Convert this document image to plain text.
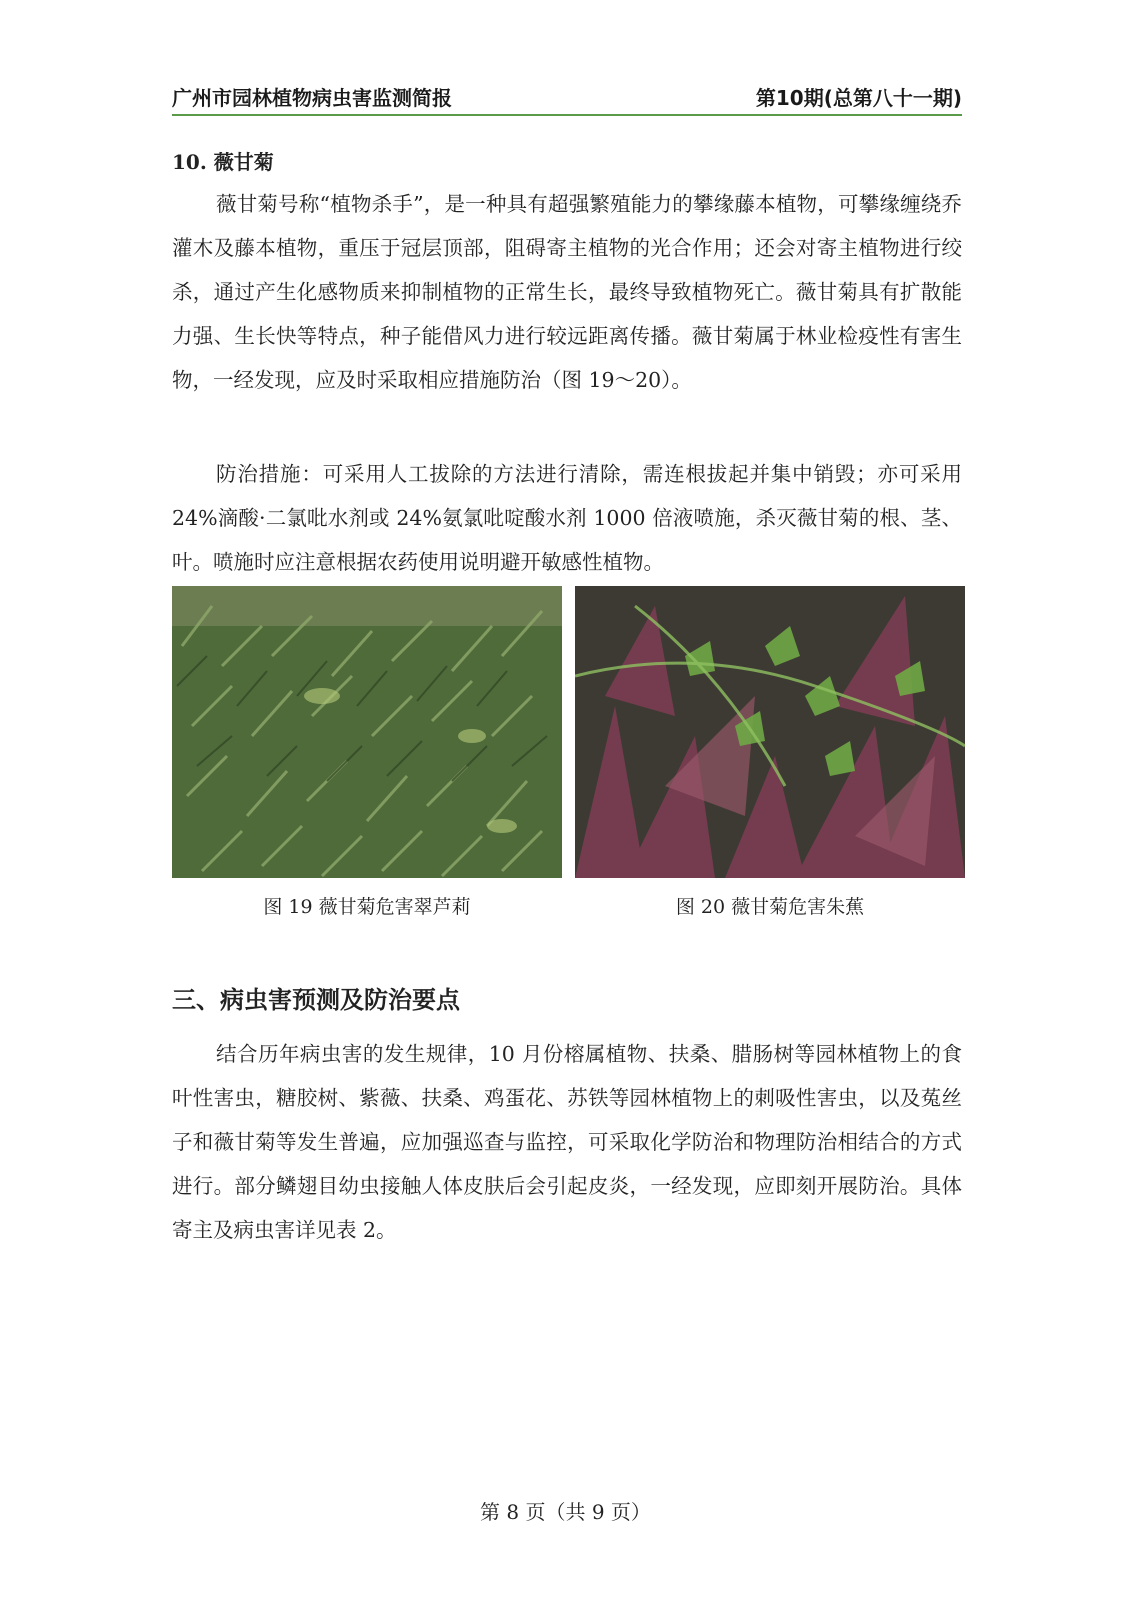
广州市园林植物病虫害监测简报	第10期(总第八十一期)
10. 薇甘菊

薇甘菊号称“植物杀手”，是一种具有超强繁殖能力的攀缘藤本植物，可攀缘缠绕乔灌木及藤本植物，重压于冠层顶部，阻碍寄主植物的光合作用；还会对寄主植物进行绞杀，通过产生化感物质来抑制植物的正常生长，最终导致植物死亡。薇甘菊具有扩散能力强、生长快等特点，种子能借风力进行较远距离传播。薇甘菊属于林业检疫性有害生物，一经发现，应及时采取相应措施防治（图 19～20）。

防治措施：可采用人工拔除的方法进行清除，需连根拔起并集中销毁；亦可采用 24%滴酸·二氯吡水剂或 24%氨氯吡啶酸水剂 1000 倍液喷施，杀灭薇甘菊的根、茎、叶。喷施时应注意根据农药使用说明避开敏感性植物。

图 19 薇甘菊危害翠芦莉	图 20 薇甘菊危害朱蕉
三、病虫害预测及防治要点

结合历年病虫害的发生规律，10 月份榕属植物、扶桑、腊肠树等园林植物上的食叶性害虫，糖胶树、紫薇、扶桑、鸡蛋花、苏铁等园林植物上的刺吸性害虫，以及菟丝子和薇甘菊等发生普遍，应加强巡查与监控，可采取化学防治和物理防治相结合的方式进行。部分鳞翅目幼虫接触人体皮肤后会引起皮炎，一经发现，应即刻开展防治。具体寄主及病虫害详见表 2。

第 8 页（共 9 页）
